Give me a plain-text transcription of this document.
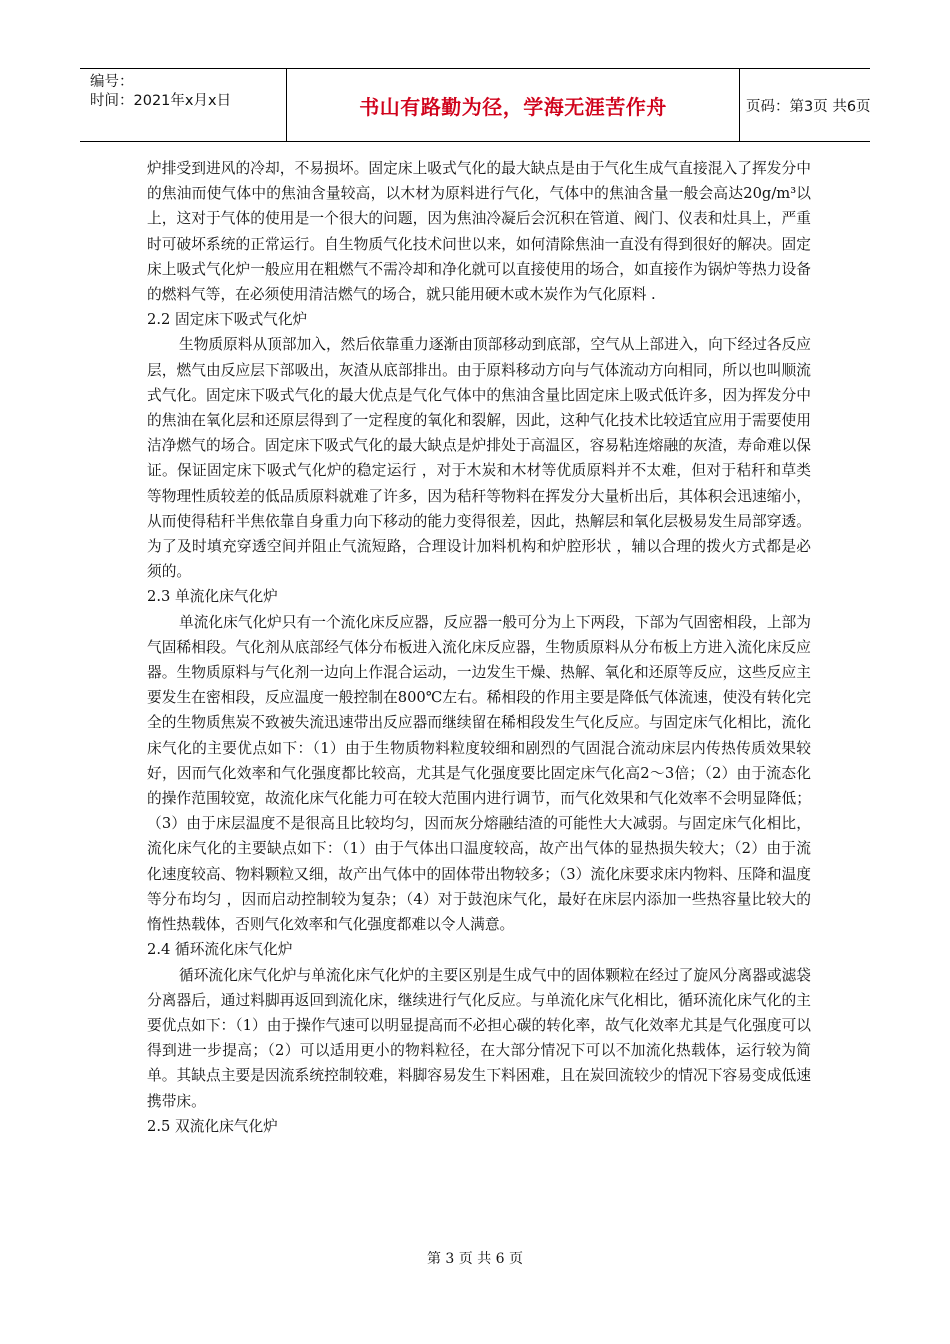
编号：
时间：2021年x月x日	书山有路勤为径，学海无涯苦作舟	页码：第3页 共6页

炉排受到进风的冷却，不易损坏。固定床上吸式气化的最大缺点是由于气化生成气直接混入了挥发分中的焦油而使气体中的焦油含量较高，以木材为原料进行气化，气体中的焦油含量一般会高达20g/m³以上，这对于气体的使用是一个很大的问题，因为焦油冷凝后会沉积在管道、阀门、仪表和灶具上，严重时可破坏系统的正常运行。自生物质气化技术问世以来，如何清除焦油一直没有得到很好的解决。固定床上吸式气化炉一般应用在粗燃气不需冷却和净化就可以直接使用的场合，如直接作为锅炉等热力设备的燃料气等，在必须使用清洁燃气的场合，就只能用硬木或木炭作为气化原料 .

2.2 固定床下吸式气化炉

生物质原料从顶部加入，然后依靠重力逐渐由顶部移动到底部，空气从上部进入，向下经过各反应层，燃气由反应层下部吸出，灰渣从底部排出。由于原料移动方向与气体流动方向相同，所以也叫顺流式气化。固定床下吸式气化的最大优点是气化气体中的焦油含量比固定床上吸式低许多，因为挥发分中的焦油在氧化层和还原层得到了一定程度的氧化和裂解，因此，这种气化技术比较适宜应用于需要使用洁净燃气的场合。固定床下吸式气化的最大缺点是炉排处于高温区，容易粘连熔融的灰渣，寿命难以保证。保证固定床下吸式气化炉的稳定运行 ，对于木炭和木材等优质原料并不太难，但对于秸秆和草类等物理性质较差的低品质原料就难了许多，因为秸秆等物料在挥发分大量析出后，其体积会迅速缩小，从而使得秸秆半焦依靠自身重力向下移动的能力变得很差，因此，热解层和氧化层极易发生局部穿透。为了及时填充穿透空间并阻止气流短路，合理设计加料机构和炉腔形状 ，辅以合理的拨火方式都是必须的。

2.3 单流化床气化炉

单流化床气化炉只有一个流化床反应器，反应器一般可分为上下两段，下部为气固密相段，上部为气固稀相段。气化剂从底部经气体分布板进入流化床反应器，生物质原料从分布板上方进入流化床反应器。生物质原料与气化剂一边向上作混合运动，一边发生干燥、热解、氧化和还原等反应，这些反应主要发生在密相段，反应温度一般控制在800℃左右。稀相段的作用主要是降低气体流速，使没有转化完全的生物质焦炭不致被失流迅速带出反应器而继续留在稀相段发生气化反应。与固定床气化相比，流化床气化的主要优点如下：（1）由于生物质物料粒度较细和剧烈的气固混合流动床层内传热传质效果较好，因而气化效率和气化强度都比较高，尤其是气化强度要比固定床气化高2～3倍；（2）由于流态化的操作范围较宽，故流化床气化能力可在较大范围内进行调节，而气化效果和气化效率不会明显降低；（3）由于床层温度不是很高且比较均匀，因而灰分熔融结渣的可能性大大减弱。与固定床气化相比，流化床气化的主要缺点如下：（1）由于气体出口温度较高，故产出气体的显热损失较大；（2）由于流化速度较高、物料颗粒又细，故产出气体中的固体带出物较多；（3）流化床要求床内物料、压降和温度等分布均匀 ，因而启动控制较为复杂；（4）对于鼓泡床气化，最好在床层内添加一些热容量比较大的惰性热载体，否则气化效率和气化强度都难以令人满意。

2.4 循环流化床气化炉

循环流化床气化炉与单流化床气化炉的主要区别是生成气中的固体颗粒在经过了旋风分离器或滤袋分离器后，通过料脚再返回到流化床，继续进行气化反应。与单流化床气化相比，循环流化床气化的主要优点如下：（1）由于操作气速可以明显提高而不必担心碳的转化率，故气化效率尤其是气化强度可以得到进一步提高；（2）可以适用更小的物料粒径，在大部分情况下可以不加流化热载体，运行较为简单。其缺点主要是因流系统控制较难，料脚容易发生下料困难，且在炭回流较少的情况下容易变成低速携带床。

2.5 双流化床气化炉

第 3 页 共 6 页
